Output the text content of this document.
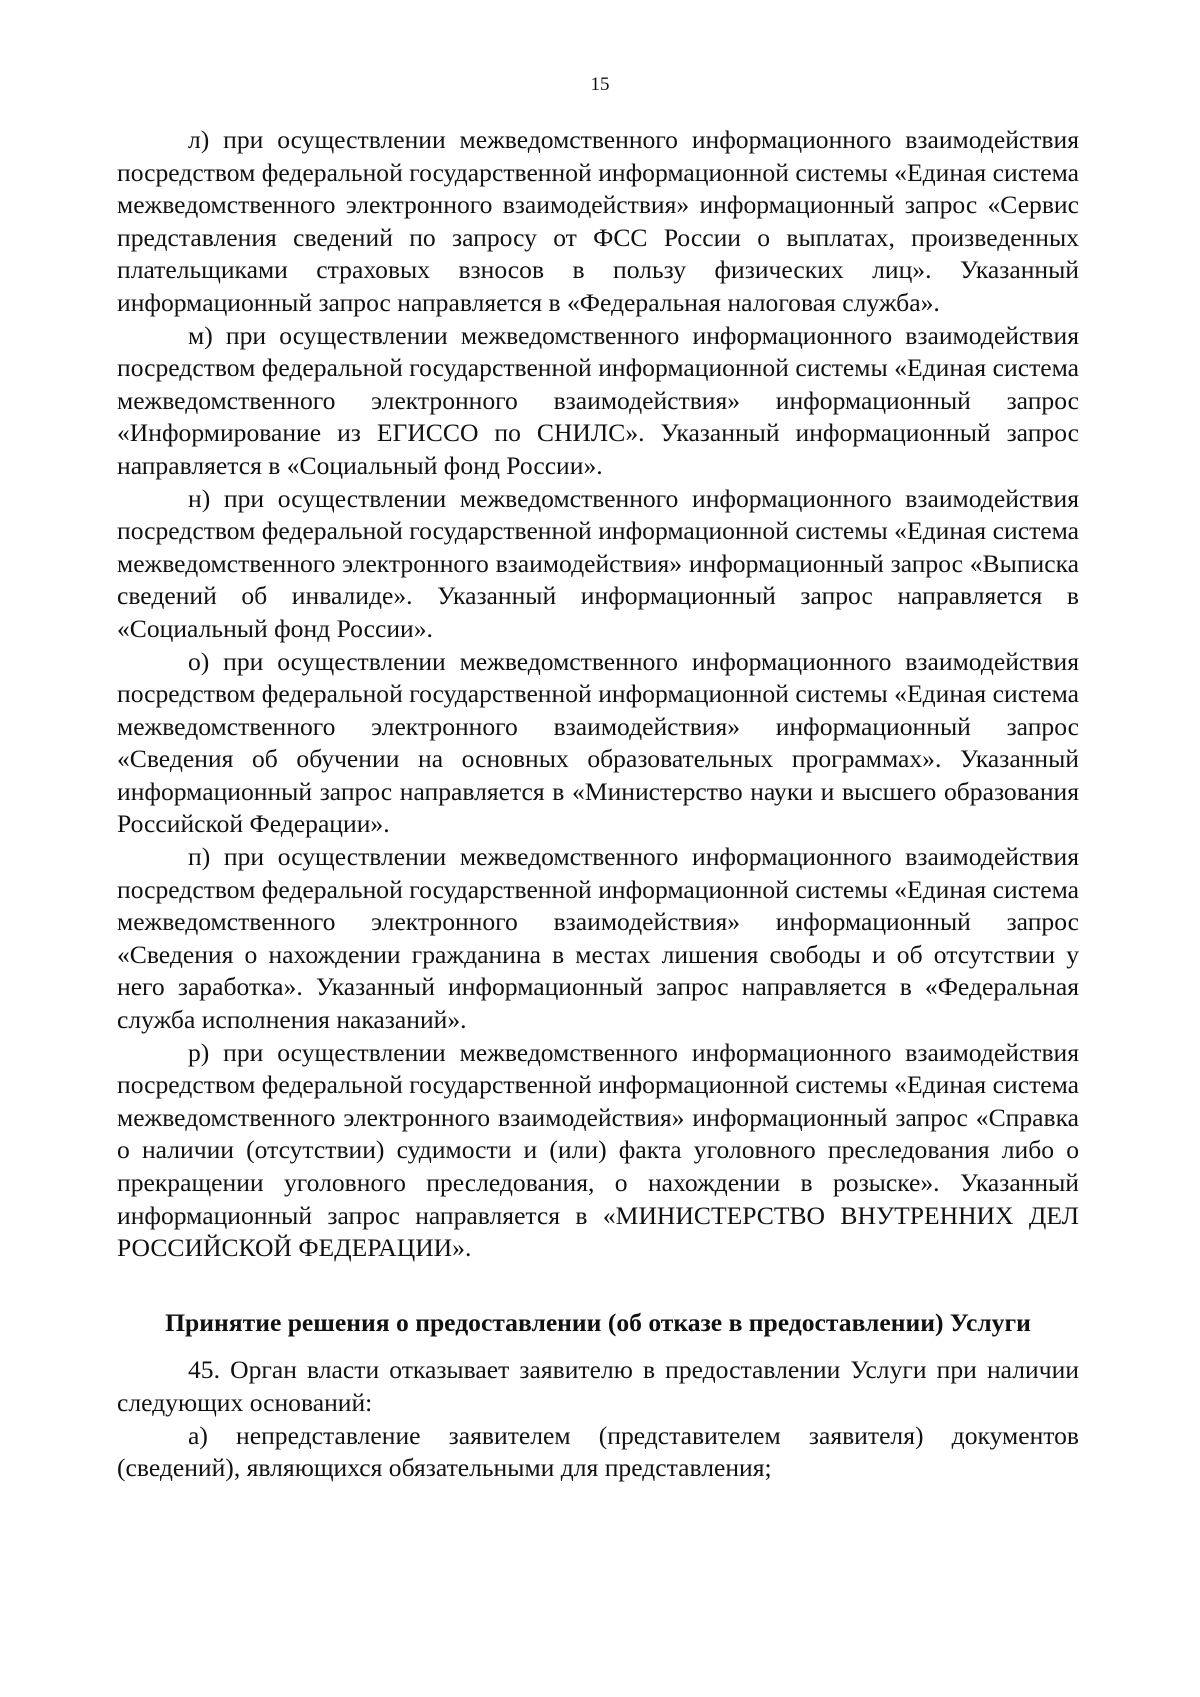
15

л) при осуществлении межведомственного информационного взаимодействия посредством федеральной государственной информационной системы «Единая система межведомственного электронного взаимодействия» информационный запрос «Сервис представления сведений по запросу от ФСС России о выплатах, произведенных плательщиками страховых взносов в пользу физических лиц». Указанный информационный запрос направляется в «Федеральная налоговая служба».

м) при осуществлении межведомственного информационного взаимодействия посредством федеральной государственной информационной системы «Единая система межведомственного электронного взаимодействия» информационный запрос «Информирование из ЕГИССО по СНИЛС». Указанный информационный запрос направляется в «Социальный фонд России».

н) при осуществлении межведомственного информационного взаимодействия посредством федеральной государственной информационной системы «Единая система межведомственного электронного взаимодействия» информационный запрос «Выписка сведений об инвалиде». Указанный информационный запрос направляется в «Социальный фонд России».

о) при осуществлении межведомственного информационного взаимодействия посредством федеральной государственной информационной системы «Единая система межведомственного электронного взаимодействия» информационный запрос «Сведения об обучении на основных образовательных программах». Указанный информационный запрос направляется в «Министерство науки и высшего образования Российской Федерации».

п) при осуществлении межведомственного информационного взаимодействия посредством федеральной государственной информационной системы «Единая система межведомственного электронного взаимодействия» информационный запрос «Сведения о нахождении гражданина в местах лишения свободы и об отсутствии у него заработка». Указанный информационный запрос направляется в «Федеральная служба исполнения наказаний».

р) при осуществлении межведомственного информационного взаимодействия посредством федеральной государственной информационной системы «Единая система межведомственного электронного взаимодействия» информационный запрос «Справка о наличии (отсутствии) судимости и (или) факта уголовного преследования либо о прекращении уголовного преследования, о нахождении в розыске». Указанный информационный запрос направляется в «МИНИСТЕРСТВО ВНУТРЕННИХ ДЕЛ РОССИЙСКОЙ ФЕДЕРАЦИИ».

Принятие решения о предоставлении (об отказе в предоставлении) Услуги

45. Орган власти отказывает заявителю в предоставлении Услуги при наличии следующих оснований:

а) непредставление заявителем (представителем заявителя) документов (сведений), являющихся обязательными для представления;
